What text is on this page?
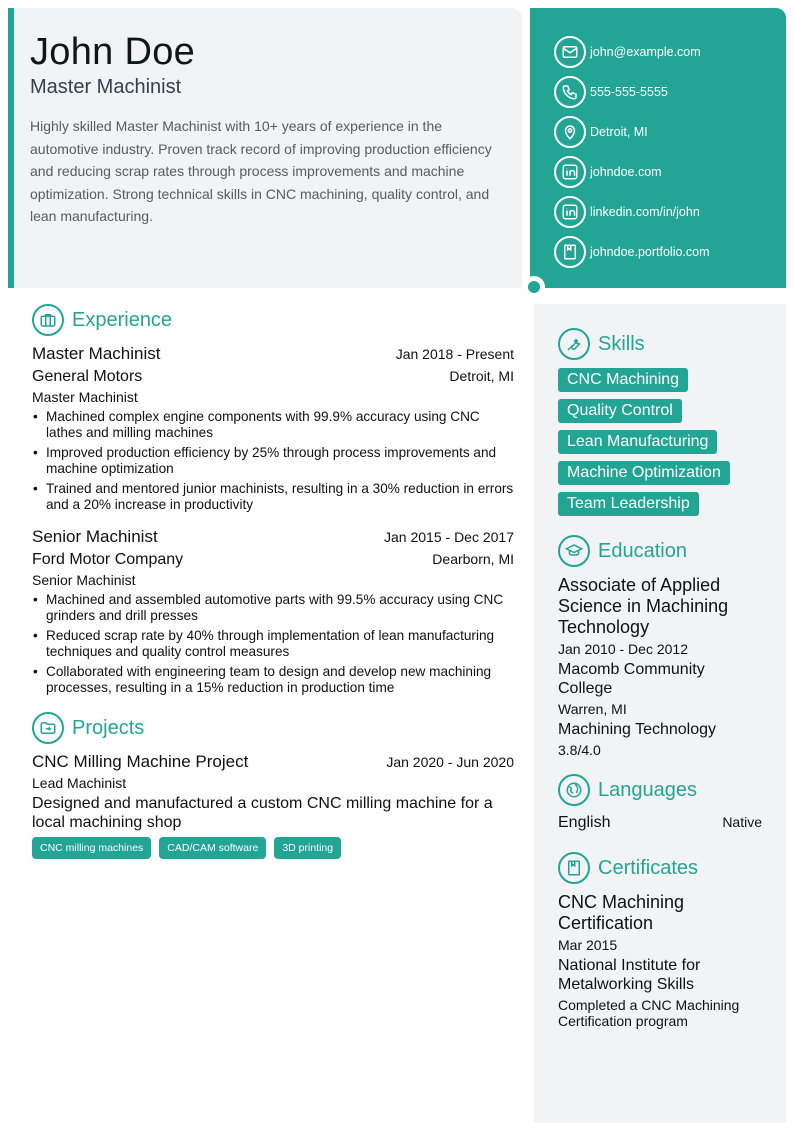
John Doe
Master Machinist
Highly skilled Master Machinist with 10+ years of experience in the automotive industry. Proven track record of improving production efficiency and reducing scrap rates through process improvements and machine optimization. Strong technical skills in CNC machining, quality control, and lean manufacturing.
john@example.com
555-555-5555
Detroit, MI
johndoe.com
linkedin.com/in/john
johndoe.portfolio.com
Experience
Master Machinist	Jan 2018 - Present
General Motors	Detroit, MI
Master Machinist
• Machined complex engine components with 99.9% accuracy using CNC lathes and milling machines
• Improved production efficiency by 25% through process improvements and machine optimization
• Trained and mentored junior machinists, resulting in a 30% reduction in errors and a 20% increase in productivity
Senior Machinist	Jan 2015 - Dec 2017
Ford Motor Company	Dearborn, MI
Senior Machinist
• Machined and assembled automotive parts with 99.5% accuracy using CNC grinders and drill presses
• Reduced scrap rate by 40% through implementation of lean manufacturing techniques and quality control measures
• Collaborated with engineering team to design and develop new machining processes, resulting in a 15% reduction in production time
Projects
CNC Milling Machine Project	Jan 2020 - Jun 2020
Lead Machinist
Designed and manufactured a custom CNC milling machine for a local machining shop
CNC milling machines	CAD/CAM software	3D printing
Skills
CNC Machining
Quality Control
Lean Manufacturing
Machine Optimization
Team Leadership
Education
Associate of Applied Science in Machining Technology
Jan 2010 - Dec 2012
Macomb Community College
Warren, MI
Machining Technology
3.8/4.0
Languages
English	Native
Certificates
CNC Machining Certification
Mar 2015
National Institute for Metalworking Skills
Completed a CNC Machining Certification program
